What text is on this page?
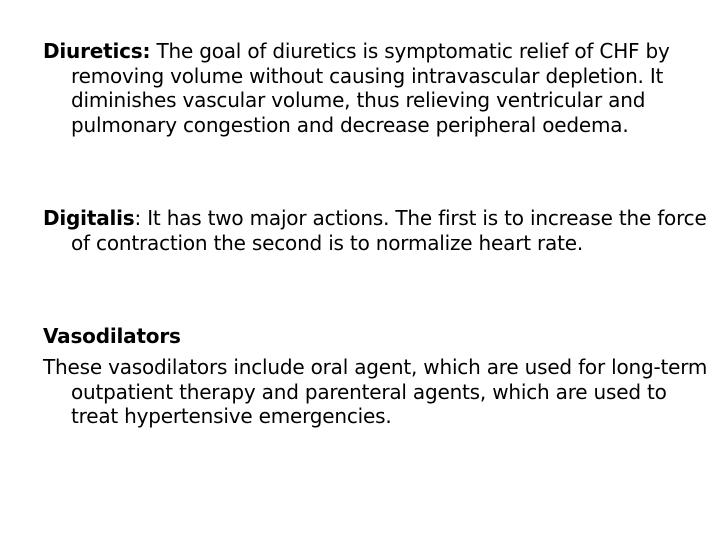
Diuretics: The goal of diuretics is symptomatic relief of CHF by removing volume without causing intravascular depletion. It diminishes vascular volume, thus relieving ventricular and pulmonary congestion and decrease peripheral oedema.

Digitalis: It has two major actions. The first is to increase the force of contraction the second is to normalize heart rate.

Vasodilators

These vasodilators include oral agent, which are used for long-term outpatient therapy and parenteral agents, which are used to treat hypertensive emergencies.
